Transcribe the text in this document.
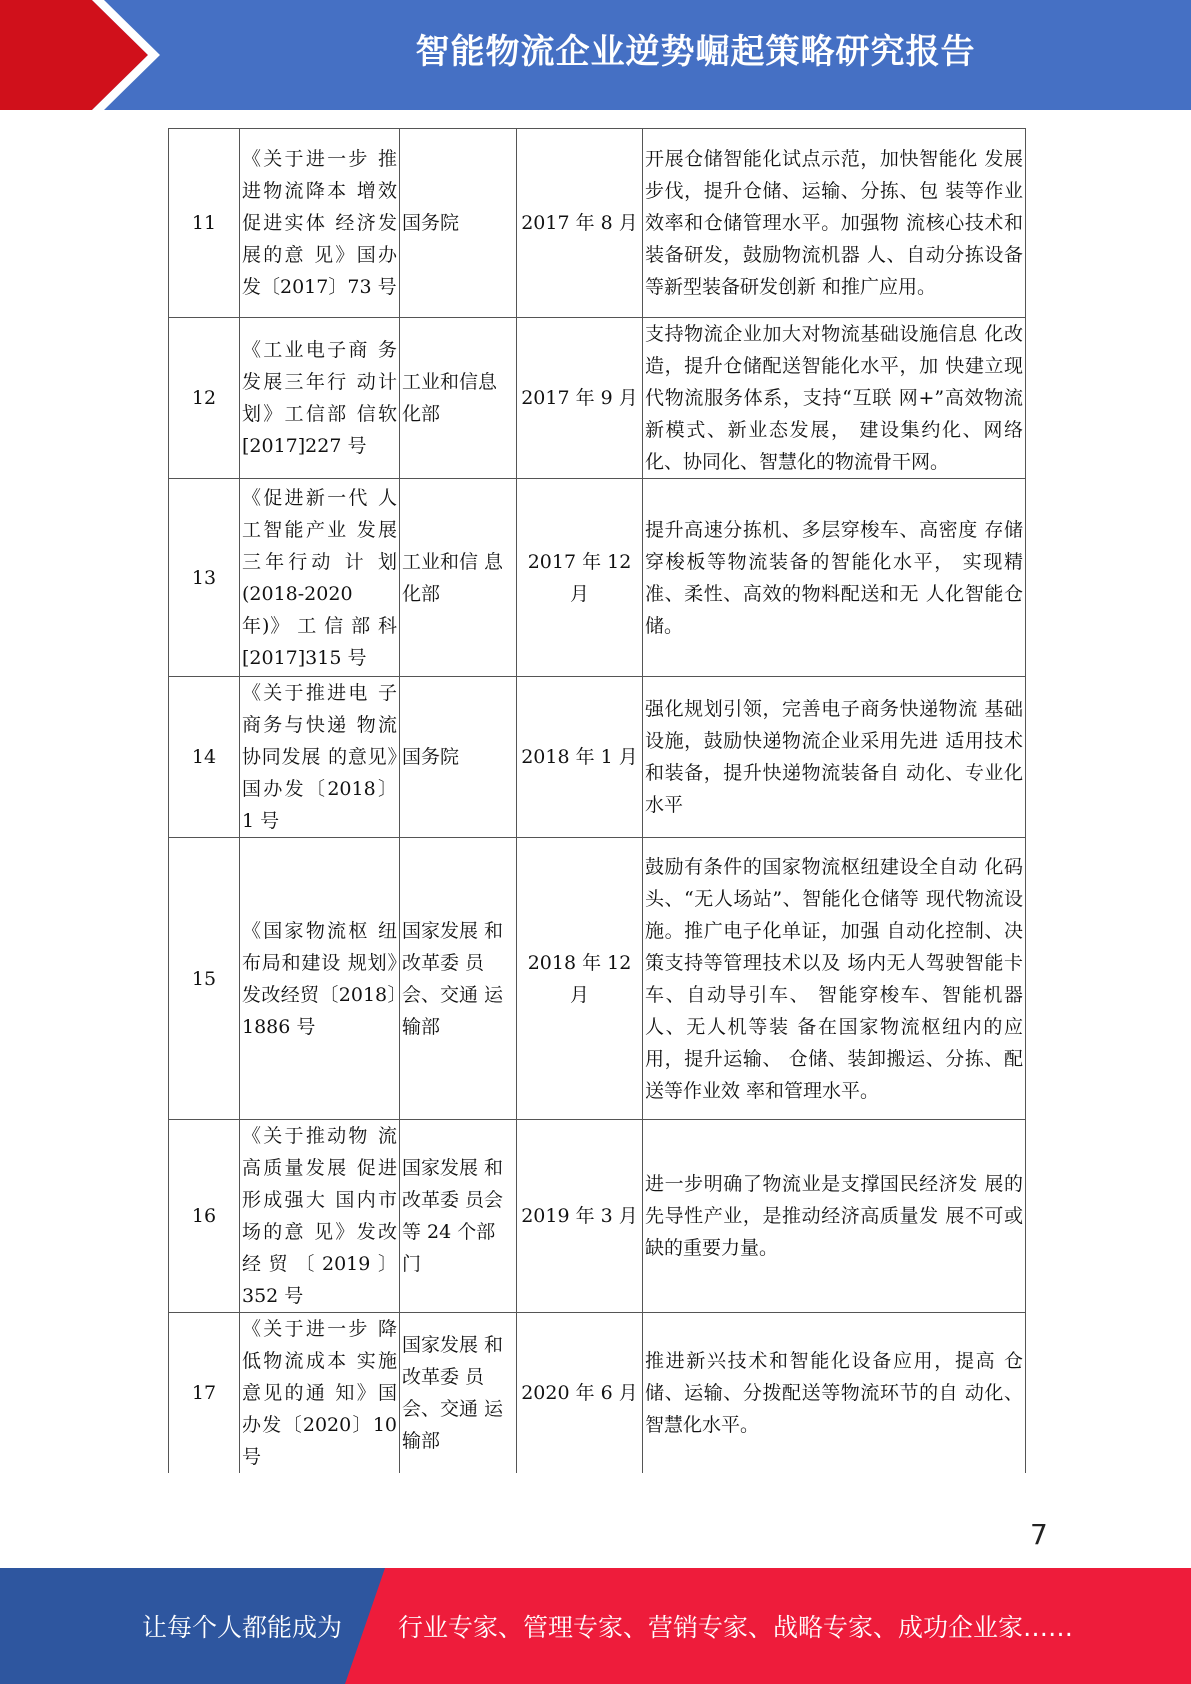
智能物流企业逆势崛起策略研究报告
11	《关于进一步 推进物流降本 增效促进实体 经济发展的意 见》国办发〔2017〕73 号	国务院	2017 年 8 月	开展仓储智能化试点示范，加快智能化 发展步伐，提升仓储、运输、分拣、包 装等作业效率和仓储管理水平。加强物 流核心技术和装备研发，鼓励物流机器 人、自动分拣设备等新型装备研发创新 和推广应用。
12	《工业电子商 务发展三年行 动计划》工信部 信软[2017]227 号	工业和信息化部	2017 年 9 月	支持物流企业加大对物流基础设施信息 化改造，提升仓储配送智能化水平，加 快建立现代物流服务体系，支持“互联 网+”高效物流新模式、新业态发展， 建设集约化、网络化、协同化、智慧化的物流骨干网。
13	《促进新一代 人工智能产业 发展三年行动 计 划 (2018-2020 年)》 工 信 部 科[2017]315 号	工业和信 息化部	2017 年 12 月	提升高速分拣机、多层穿梭车、高密度 存储穿梭板等物流装备的智能化水平， 实现精准、柔性、高效的物料配送和无 人化智能仓储。
14	《关于推进电 子商务与快递 物流协同发展 的意见》国办发〔2018〕1 号	国务院	2018 年 1 月	强化规划引领，完善电子商务快递物流 基础设施，鼓励快递物流企业采用先进 适用技术和装备，提升快递物流装备自 动化、专业化水平
15	《国家物流枢 纽布局和建设 规划》发改经贸〔2018〕1886 号	国家发展 和改革委 员会、交通 运输部	2018 年 12 月	鼓励有条件的国家物流枢纽建设全自动 化码头、“无人场站”、智能化仓储等 现代物流设施。推广电子化单证，加强 自动化控制、决策支持等管理技术以及 场内无人驾驶智能卡车、自动导引车、 智能穿梭车、智能机器人、无人机等装 备在国家物流枢纽内的应用，提升运输、 仓储、装卸搬运、分拣、配送等作业效 率和管理水平。
16	《关于推动物 流高质量发展 促进形成强大 国内市场的意 见》发改经贸〔2019〕352 号	国家发展 和改革委 员会等 24 个部门	2019 年 3 月	进一步明确了物流业是支撑国民经济发 展的先导性产业，是推动经济高质量发 展不可或缺的重要力量。
17	《关于进一步 降低物流成本 实施意见的通 知》国办发〔2020〕10 号	国家发展 和改革委 员会、交通 运输部	2020 年 6 月	推进新兴技术和智能化设备应用，提高 仓储、运输、分拨配送等物流环节的自 动化、智慧化水平。
7
让每个人都能成为 行业专家、管理专家、营销专家、战略专家、成功企业家……
